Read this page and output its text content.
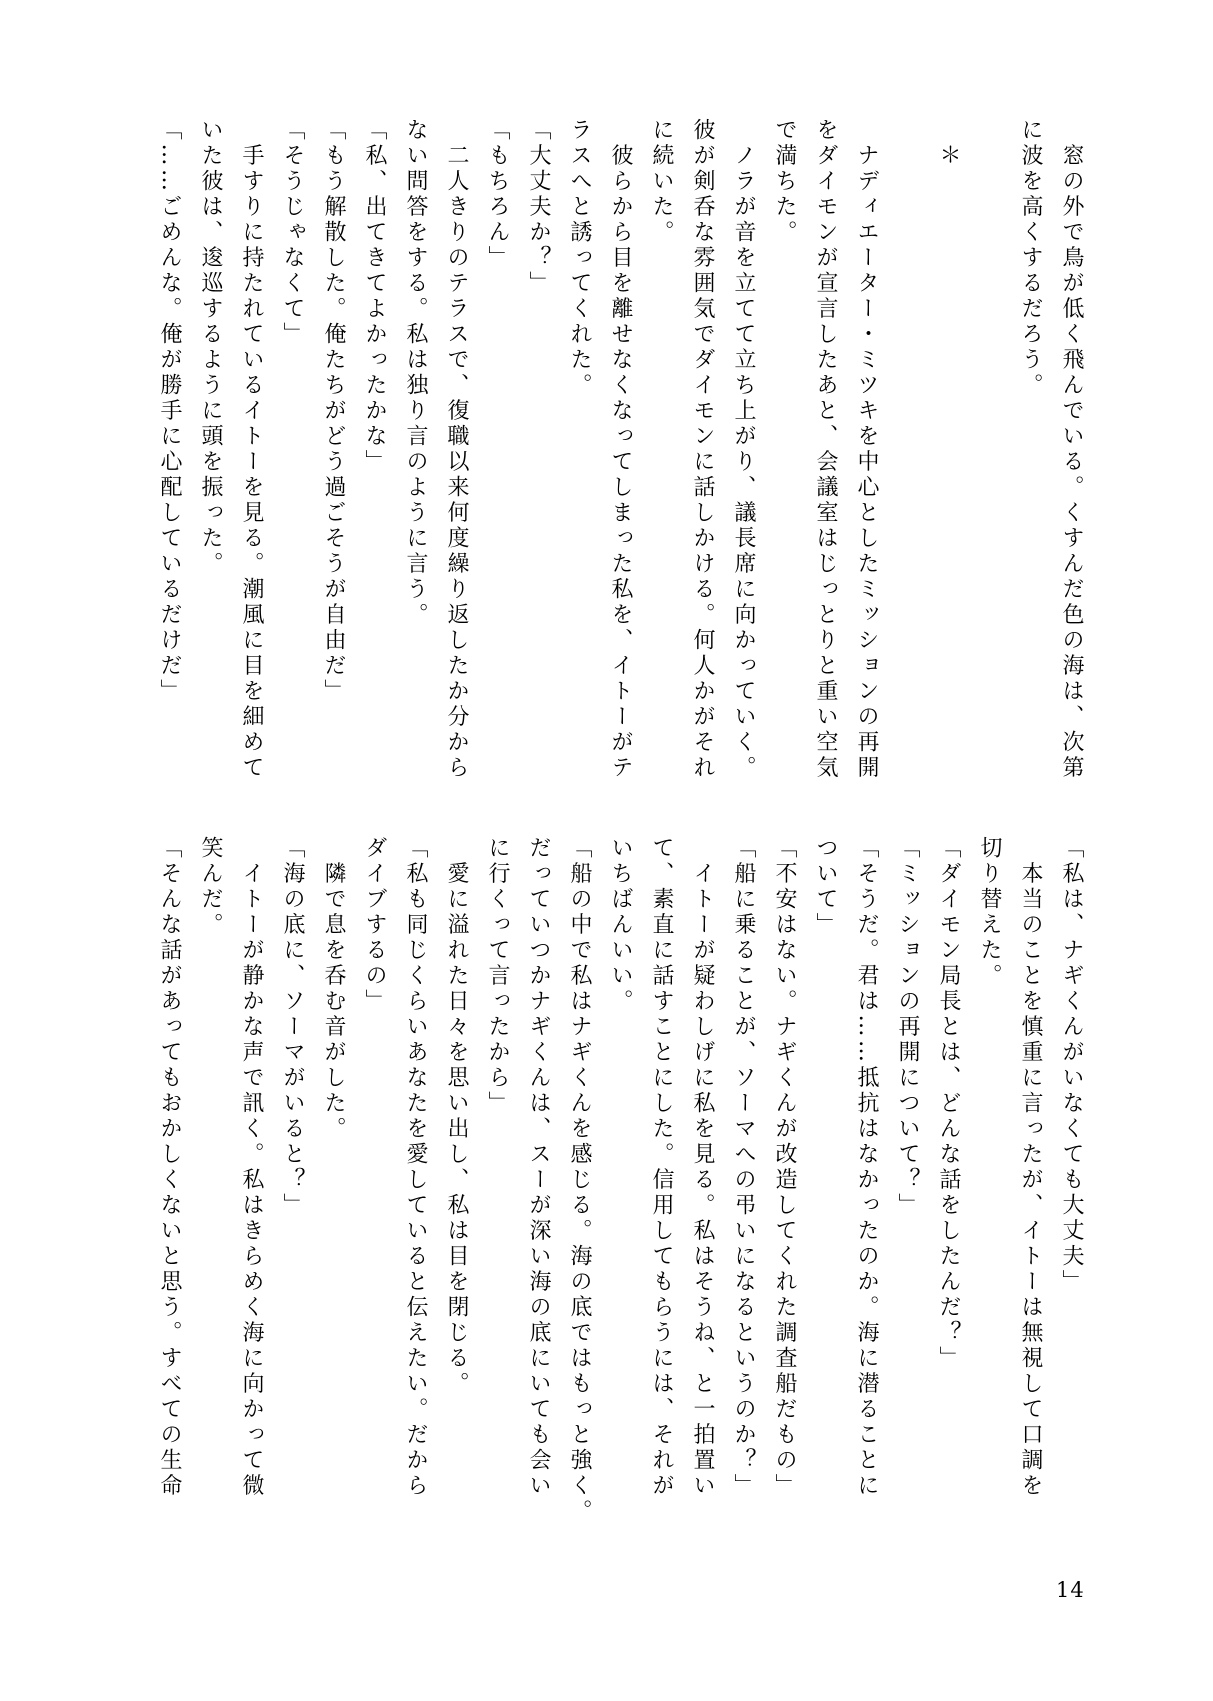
　窓の外で鳥が低く飛んでいる。くすんだ色の海は、次第
に波を高くするだろう。
　＊
　ナディエーター・ミツキを中心としたミッションの再開
をダイモンが宣言したあと、会議室はじっとりと重い空気
で満ちた。
　ノラが音を立てて立ち上がり、議長席に向かっていく。
彼が剣呑な雰囲気でダイモンに話しかける。何人かがそれ
に続いた。
　彼らから目を離せなくなってしまった私を、イトーがテ
ラスへと誘ってくれた。
「大丈夫か？」
「もちろん」
　二人きりのテラスで、復職以来何度繰り返したか分から
ない問答をする。私は独り言のように言う。
「私、出てきてよかったかな」
「もう解散した。俺たちがどう過ごそうが自由だ」
「そうじゃなくて」
　手すりに持たれているイトーを見る。潮風に目を細めて
いた彼は、逡巡するように頭を振った。
「……ごめんな。俺が勝手に心配しているだけだ」
「私は、ナギくんがいなくても大丈夫」
　本当のことを慎重に言ったが、イトーは無視して口調を
切り替えた。
「ダイモン局長とは、どんな話をしたんだ？」
「ミッションの再開について？」
「そうだ。君は……抵抗はなかったのか。海に潜ることに
ついて」
「不安はない。ナギくんが改造してくれた調査船だもの」
「船に乗ることが、ソーマへの弔いになるというのか？」
　イトーが疑わしげに私を見る。私はそうね、と一拍置い
て、素直に話すことにした。信用してもらうには、それが
いちばんいい。
「船の中で私はナギくんを感じる。海の底ではもっと強く。
だっていつかナギくんは、スーが深い海の底にいても会い
に行くって言ったから」
　愛に溢れた日々を思い出し、私は目を閉じる。
「私も同じくらいあなたを愛していると伝えたい。だから
ダイブするの」
　隣で息を呑む音がした。
「海の底に、ソーマがいると？」
　イトーが静かな声で訊く。私はきらめく海に向かって微
笑んだ。
「そんな話があってもおかしくないと思う。すべての生命
14
